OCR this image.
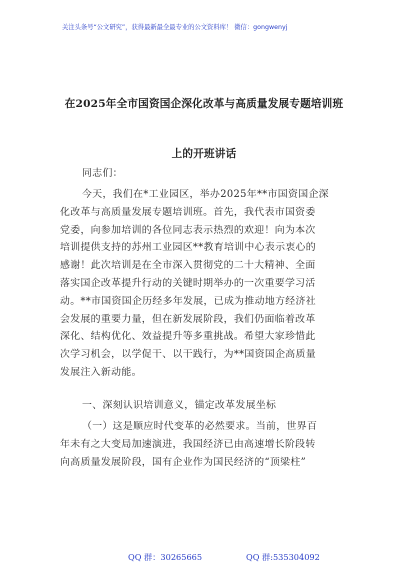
关注头条号“公文研究”，获得最新最全最专业的公文资料库！ 微信：gongwenyj
在2025年全市国资国企深化改革与高质量发展专题培训班
上的开班讲话
同志们：
今天，我们在*工业园区，举办2025年**市国资国企深
化改革与高质量发展专题培训班。首先，我代表市国资委
党委，向参加培训的各位同志表示热烈的欢迎！向为本次
培训提供支持的苏州工业园区**教育培训中心表示衷心的
感谢！此次培训是在全市深入贯彻党的二十大精神、全面
落实国企改革提升行动的关键时期举办的一次重要学习活
动。**市国资国企历经多年发展，已成为推动地方经济社
会发展的重要力量，但在新发展阶段，我们仍面临着改革
深化、结构优化、效益提升等多重挑战。希望大家珍惜此
次学习机会，以学促干、以干践行，为**国资国企高质量
发展注入新动能。
一、深刻认识培训意义，锚定改革发展坐标
（一）这是顺应时代变革的必然要求。当前，世界百
年未有之大变局加速演进，我国经济已由高速增长阶段转
向高质量发展阶段，国有企业作为国民经济的“顶梁柱”
QQ 群：30265665	QQ 群:535304092
